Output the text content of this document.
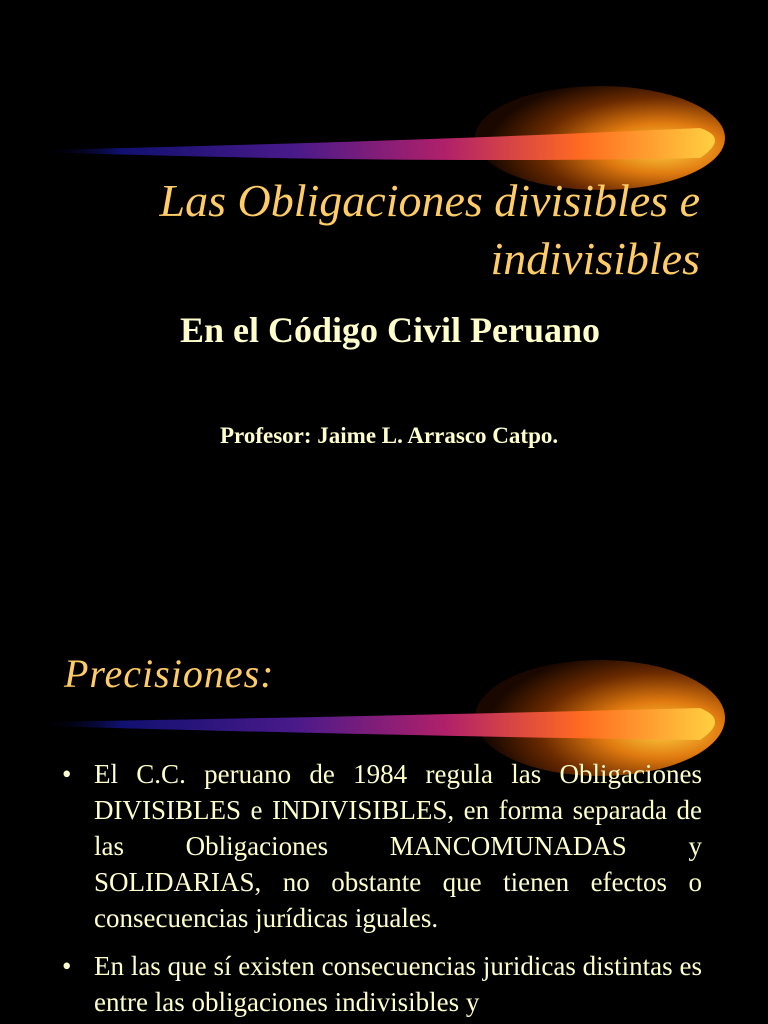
Las Obligaciones divisibles e indivisibles
En el Código Civil Peruano

Profesor: Jaime L. Arrasco Catpo.

Precisiones:
• El C.C. peruano de 1984 regula las Obligaciones DIVISIBLES e INDIVISIBLES, en forma separada de las Obligaciones MANCOMUNADAS y SOLIDARIAS, no obstante que tienen efectos o consecuencias jurídicas iguales.
• En las que sí existen consecuencias juridicas distintas es entre las obligaciones indivisibles y
